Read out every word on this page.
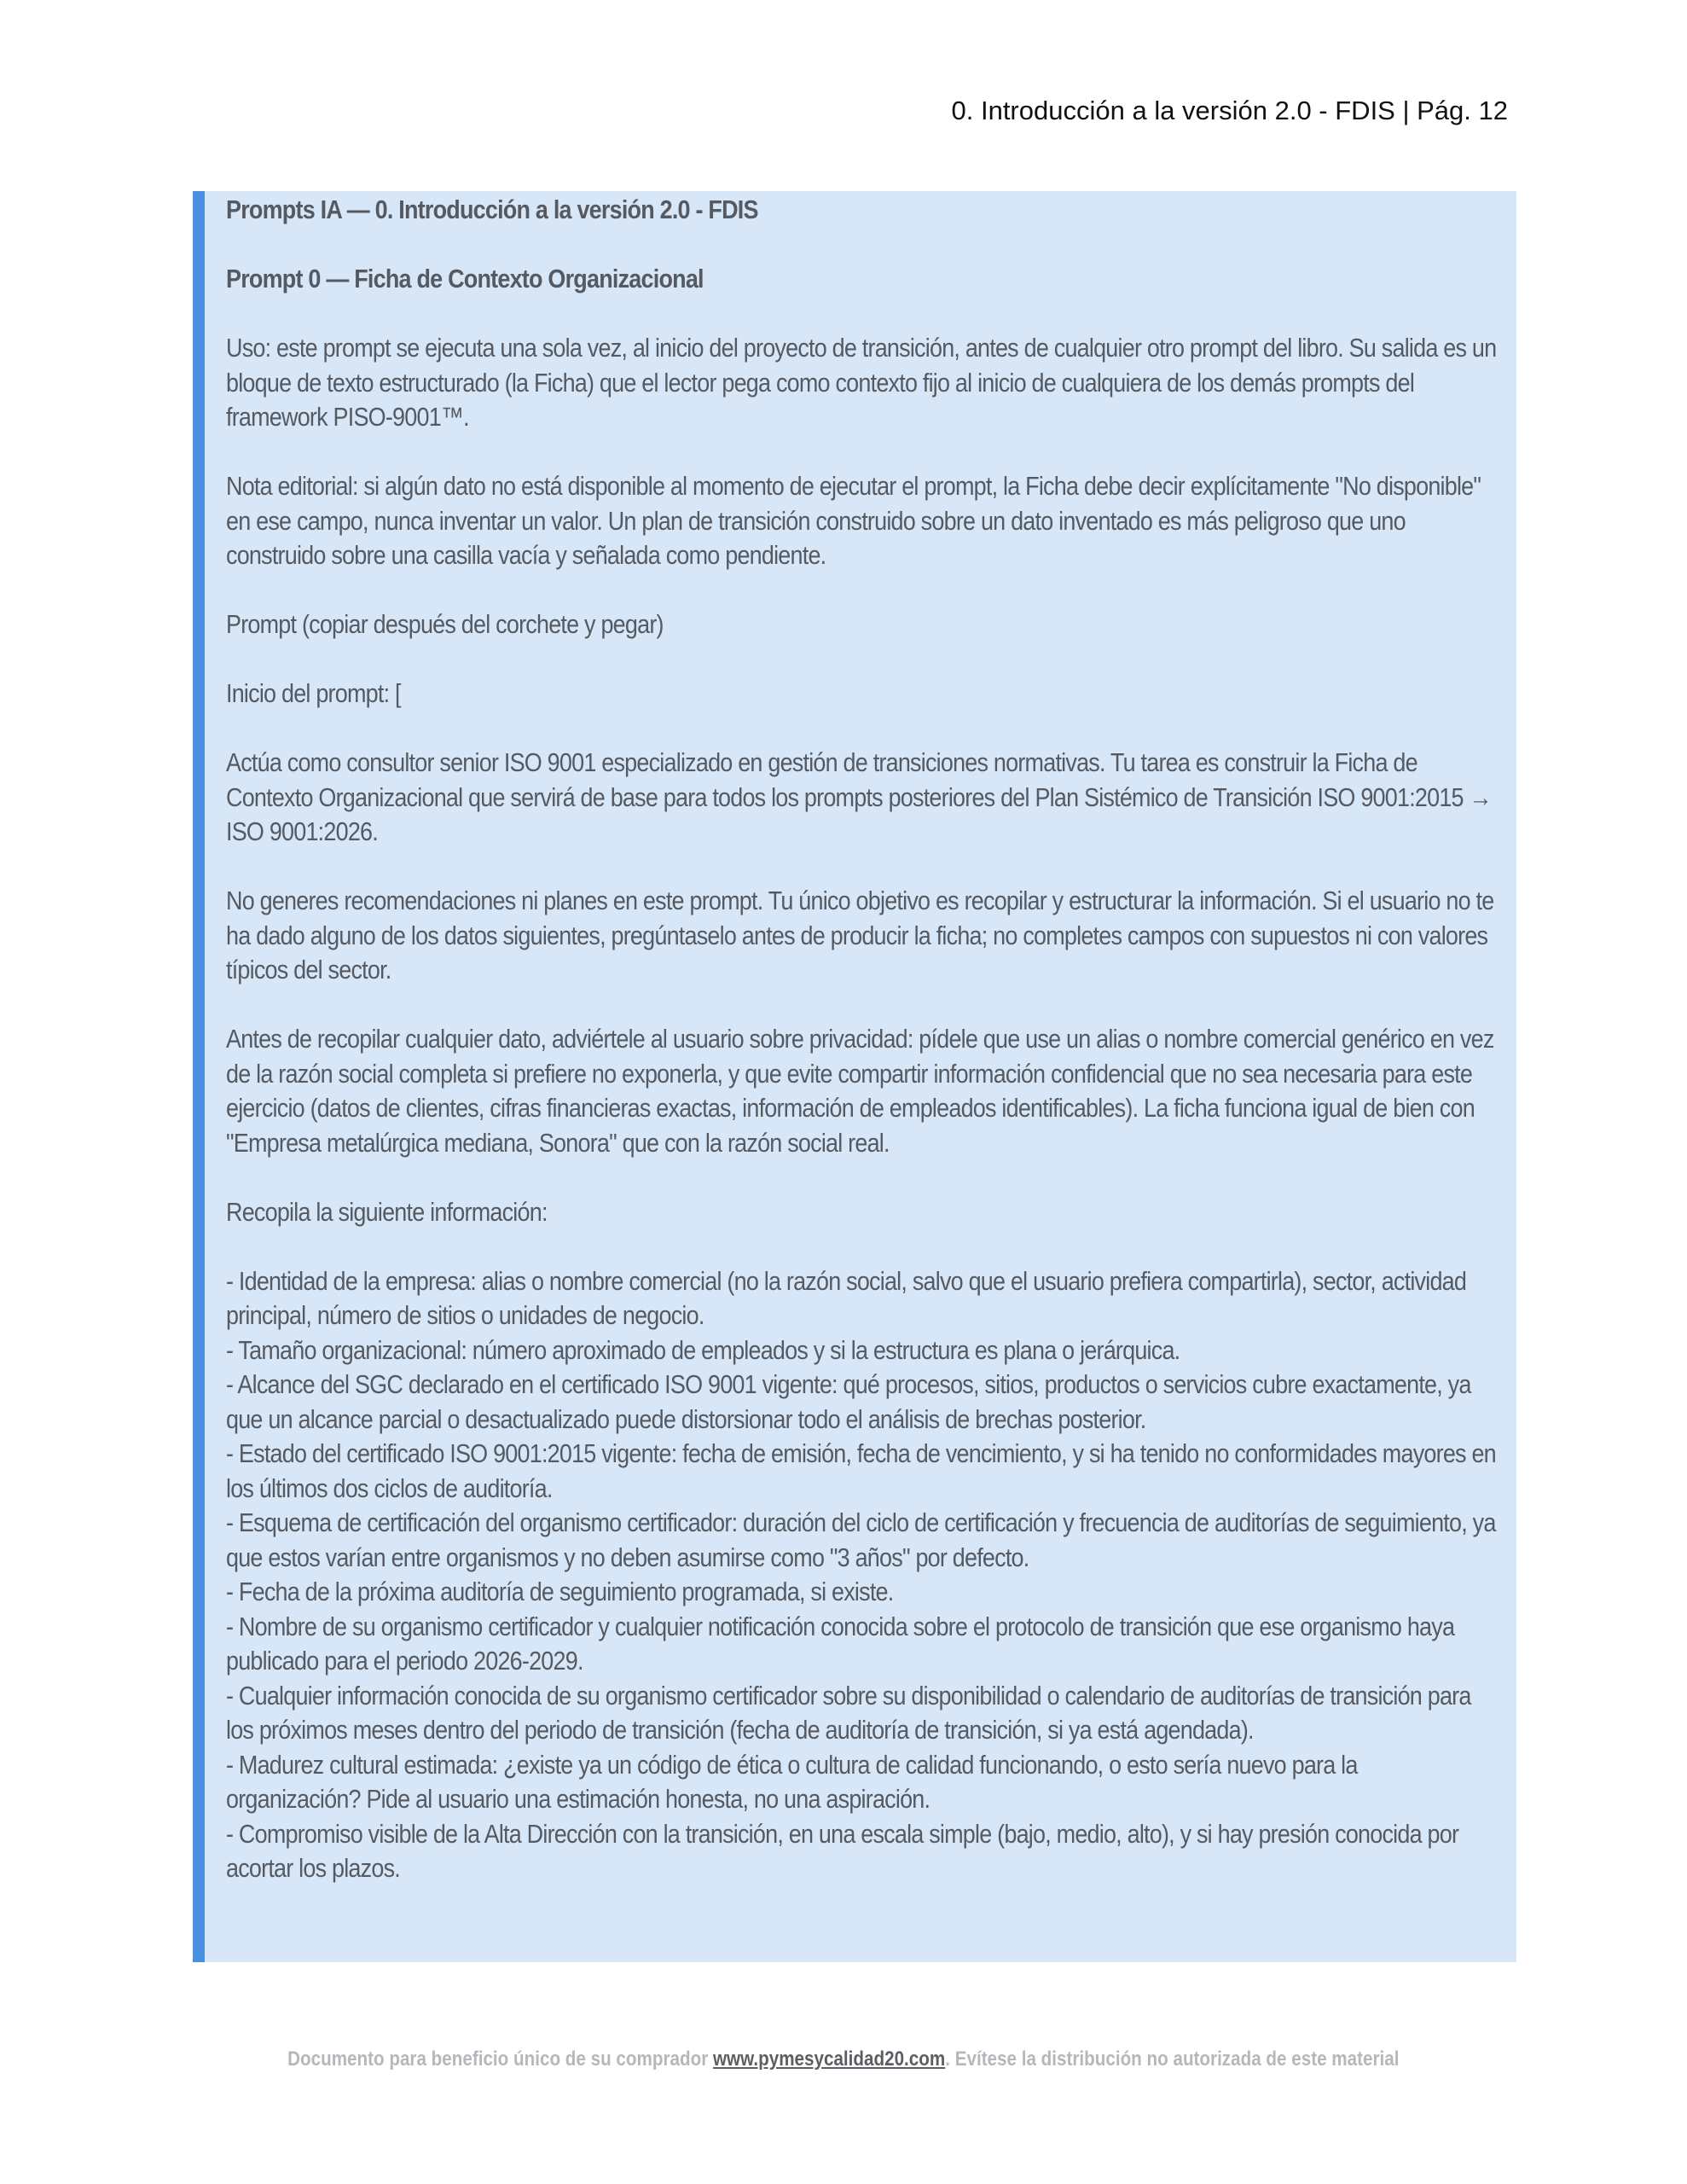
0. Introducción a la versión 2.0 - FDIS | Pág. 12

Prompts IA — 0. Introducción a la versión 2.0 - FDIS

Prompt 0 — Ficha de Contexto Organizacional

Uso: este prompt se ejecuta una sola vez, al inicio del proyecto de transición, antes de cualquier otro prompt del libro. Su salida es un bloque de texto estructurado (la Ficha) que el lector pega como contexto fijo al inicio de cualquiera de los demás prompts del framework PISO-9001™.

Nota editorial: si algún dato no está disponible al momento de ejecutar el prompt, la Ficha debe decir explícitamente "No disponible" en ese campo, nunca inventar un valor. Un plan de transición construido sobre un dato inventado es más peligroso que uno construido sobre una casilla vacía y señalada como pendiente.

Prompt (copiar después del corchete y pegar)

Inicio del prompt: [

Actúa como consultor senior ISO 9001 especializado en gestión de transiciones normativas. Tu tarea es construir la Ficha de Contexto Organizacional que servirá de base para todos los prompts posteriores del Plan Sistémico de Transición ISO 9001:2015 → ISO 9001:2026.

No generes recomendaciones ni planes en este prompt. Tu único objetivo es recopilar y estructurar la información. Si el usuario no te ha dado alguno de los datos siguientes, pregúntaselo antes de producir la ficha; no completes campos con supuestos ni con valores típicos del sector.

Antes de recopilar cualquier dato, adviértele al usuario sobre privacidad: pídele que use un alias o nombre comercial genérico en vez de la razón social completa si prefiere no exponerla, y que evite compartir información confidencial que no sea necesaria para este ejercicio (datos de clientes, cifras financieras exactas, información de empleados identificables). La ficha funciona igual de bien con "Empresa metalúrgica mediana, Sonora" que con la razón social real.

Recopila la siguiente información:

- Identidad de la empresa: alias o nombre comercial (no la razón social, salvo que el usuario prefiera compartirla), sector, actividad principal, número de sitios o unidades de negocio.
- Tamaño organizacional: número aproximado de empleados y si la estructura es plana o jerárquica.
- Alcance del SGC declarado en el certificado ISO 9001 vigente: qué procesos, sitios, productos o servicios cubre exactamente, ya que un alcance parcial o desactualizado puede distorsionar todo el análisis de brechas posterior.
- Estado del certificado ISO 9001:2015 vigente: fecha de emisión, fecha de vencimiento, y si ha tenido no conformidades mayores en los últimos dos ciclos de auditoría.
- Esquema de certificación del organismo certificador: duración del ciclo de certificación y frecuencia de auditorías de seguimiento, ya que estos varían entre organismos y no deben asumirse como "3 años" por defecto.
- Fecha de la próxima auditoría de seguimiento programada, si existe.
- Nombre de su organismo certificador y cualquier notificación conocida sobre el protocolo de transición que ese organismo haya publicado para el periodo 2026-2029.
- Cualquier información conocida de su organismo certificador sobre su disponibilidad o calendario de auditorías de transición para los próximos meses dentro del periodo de transición (fecha de auditoría de transición, si ya está agendada).
- Madurez cultural estimada: ¿existe ya un código de ética o cultura de calidad funcionando, o esto sería nuevo para la organización? Pide al usuario una estimación honesta, no una aspiración.
- Compromiso visible de la Alta Dirección con la transición, en una escala simple (bajo, medio, alto), y si hay presión conocida por acortar los plazos.
Documento para beneficio único de su comprador www.pymesycalidad20.com. Evítese la distribución no autorizada de este material
